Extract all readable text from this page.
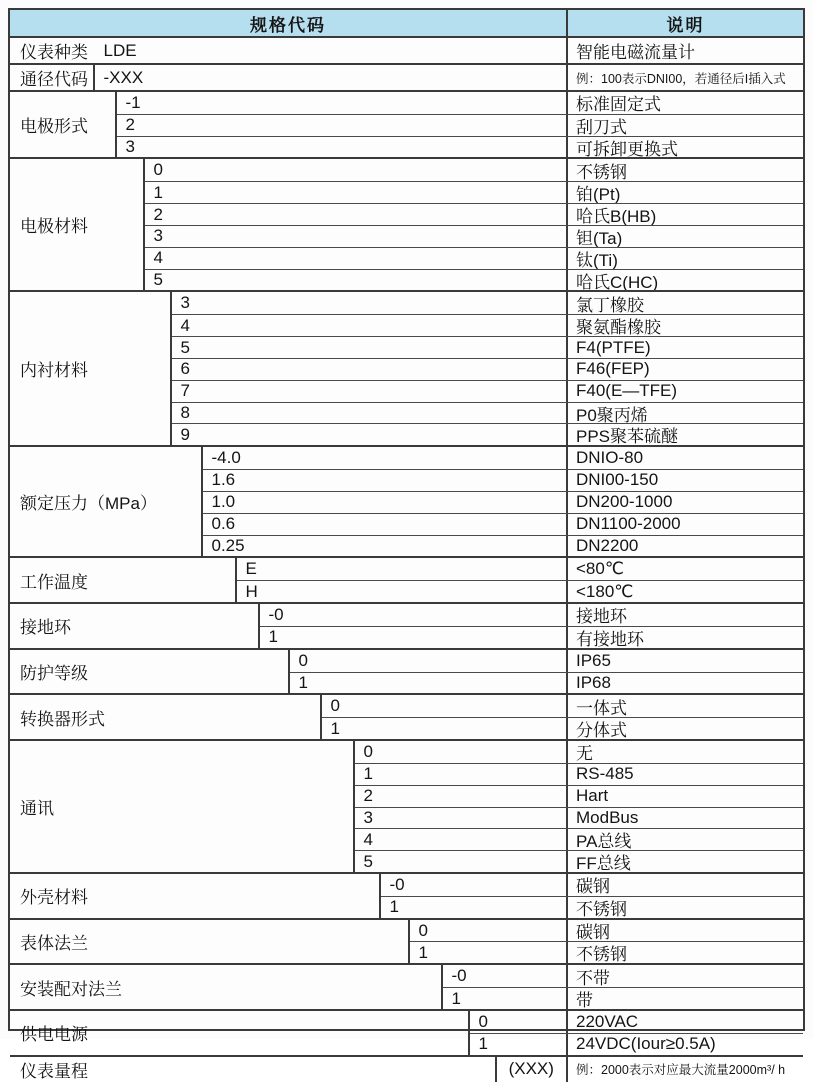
规格代码	说明
仪表种类 LDE	智能电磁流量计
通径代码 -XXX	例：100表示DNI00，若通径后I插入式
电极形式
-1	标准固定式
2	刮刀式
3	可拆卸更换式
电极材料
0	不锈钢
1	铂(Pt)
2	哈氏B(HB)
3	钽(Ta)
4	钛(Ti)
5	哈氏C(HC)
内衬材料
3	氯丁橡胶
4	聚氨酯橡胶
5	F4(PTFE)
6	F46(FEP)
7	F40(E—TFE)
8	P0聚丙烯
9	PPS聚苯硫醚
额定压力（MPa）
-4.0	DNIO-80
1.6	DNI00-150
1.0	DN200-1000
0.6	DN1100-2000
0.25	DN2200
工作温度
E	<80℃
H	<180℃
接地环
-0	接地环
1	有接地环
防护等级
0	IP65
1	IP68
转换器形式
0	一体式
1	分体式
通讯
0	无
1	RS-485
2	Hart
3	ModBus
4	PA总线
5	FF总线
外壳材料
-0	碳钢
1	不锈钢
表体法兰
0	碳钢
1	不锈钢
安装配对法兰
-0	不带
1	带
供电电源
0	220VAC
1	24VDC(Iour≥0.5A)
仪表量程	(XXX)	例：2000表示对应最大流量2000m³/ h
